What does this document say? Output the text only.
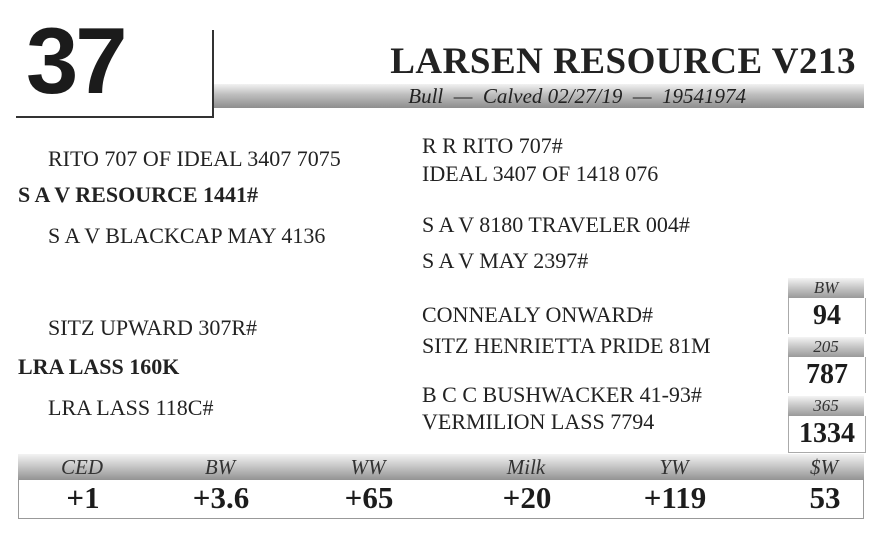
37	LARSEN RESOURCE V213
Bull  —  Calved 02/27/19  —  19541974
RITO 707 OF IDEAL 3407 7075
S A V RESOURCE 1441#
S A V BLACKCAP MAY 4136
SITZ UPWARD 307R#
LRA LASS 160K
LRA LASS 118C#
R R RITO 707#
IDEAL 3407 OF 1418 076
S A V 8180 TRAVELER 004#
S A V MAY 2397#
CONNEALY ONWARD#
SITZ HENRIETTA PRIDE 81M
B C C BUSHWACKER 41-93#
VERMILION LASS 7794
BW
94
205
787
365
1334
CED	BW	WW	Milk	YW	$W
+1	+3.6	+65	+20	+119	53
